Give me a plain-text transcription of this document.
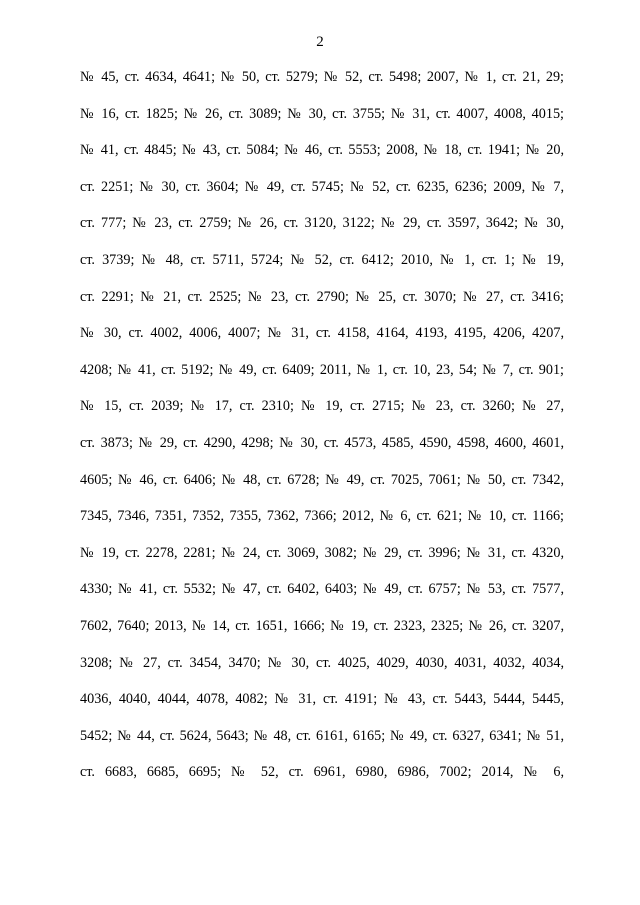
2
№ 45, ст. 4634, 4641; № 50, ст. 5279; № 52, ст. 5498; 2007, № 1, ст. 21, 29;
№ 16, ст. 1825; № 26, ст. 3089; № 30, ст. 3755; № 31, ст. 4007, 4008, 4015;
№ 41, ст. 4845; № 43, ст. 5084; № 46, ст. 5553; 2008, № 18, ст. 1941; № 20,
ст. 2251; № 30, ст. 3604; № 49, ст. 5745; № 52, ст. 6235, 6236; 2009, № 7,
ст. 777; № 23, ст. 2759; № 26, ст. 3120, 3122; № 29, ст. 3597, 3642; № 30,
ст. 3739; № 48, ст. 5711, 5724; № 52, ст. 6412; 2010, № 1, ст. 1; № 19,
ст. 2291; № 21, ст. 2525; № 23, ст. 2790; № 25, ст. 3070; № 27, ст. 3416;
№ 30, ст. 4002, 4006, 4007; № 31, ст. 4158, 4164, 4193, 4195, 4206, 4207,
4208; № 41, ст. 5192; № 49, ст. 6409; 2011, № 1, ст. 10, 23, 54; № 7, ст. 901;
№ 15, ст. 2039; № 17, ст. 2310; № 19, ст. 2715; № 23, ст. 3260; № 27,
ст. 3873; № 29, ст. 4290, 4298; № 30, ст. 4573, 4585, 4590, 4598, 4600, 4601,
4605; № 46, ст. 6406; № 48, ст. 6728; № 49, ст. 7025, 7061; № 50, ст. 7342,
7345, 7346, 7351, 7352, 7355, 7362, 7366; 2012, № 6, ст. 621; № 10, ст. 1166;
№ 19, ст. 2278, 2281; № 24, ст. 3069, 3082; № 29, ст. 3996; № 31, ст. 4320,
4330; № 41, ст. 5532; № 47, ст. 6402, 6403; № 49, ст. 6757; № 53, ст. 7577,
7602, 7640; 2013, № 14, ст. 1651, 1666; № 19, ст. 2323, 2325; № 26, ст. 3207,
3208; № 27, ст. 3454, 3470; № 30, ст. 4025, 4029, 4030, 4031, 4032, 4034,
4036, 4040, 4044, 4078, 4082; № 31, ст. 4191; № 43, ст. 5443, 5444, 5445,
5452; № 44, ст. 5624, 5643; № 48, ст. 6161, 6165; № 49, ст. 6327, 6341; № 51,
ст. 6683, 6685, 6695; № 52, ст. 6961, 6980, 6986, 7002; 2014, № 6,
